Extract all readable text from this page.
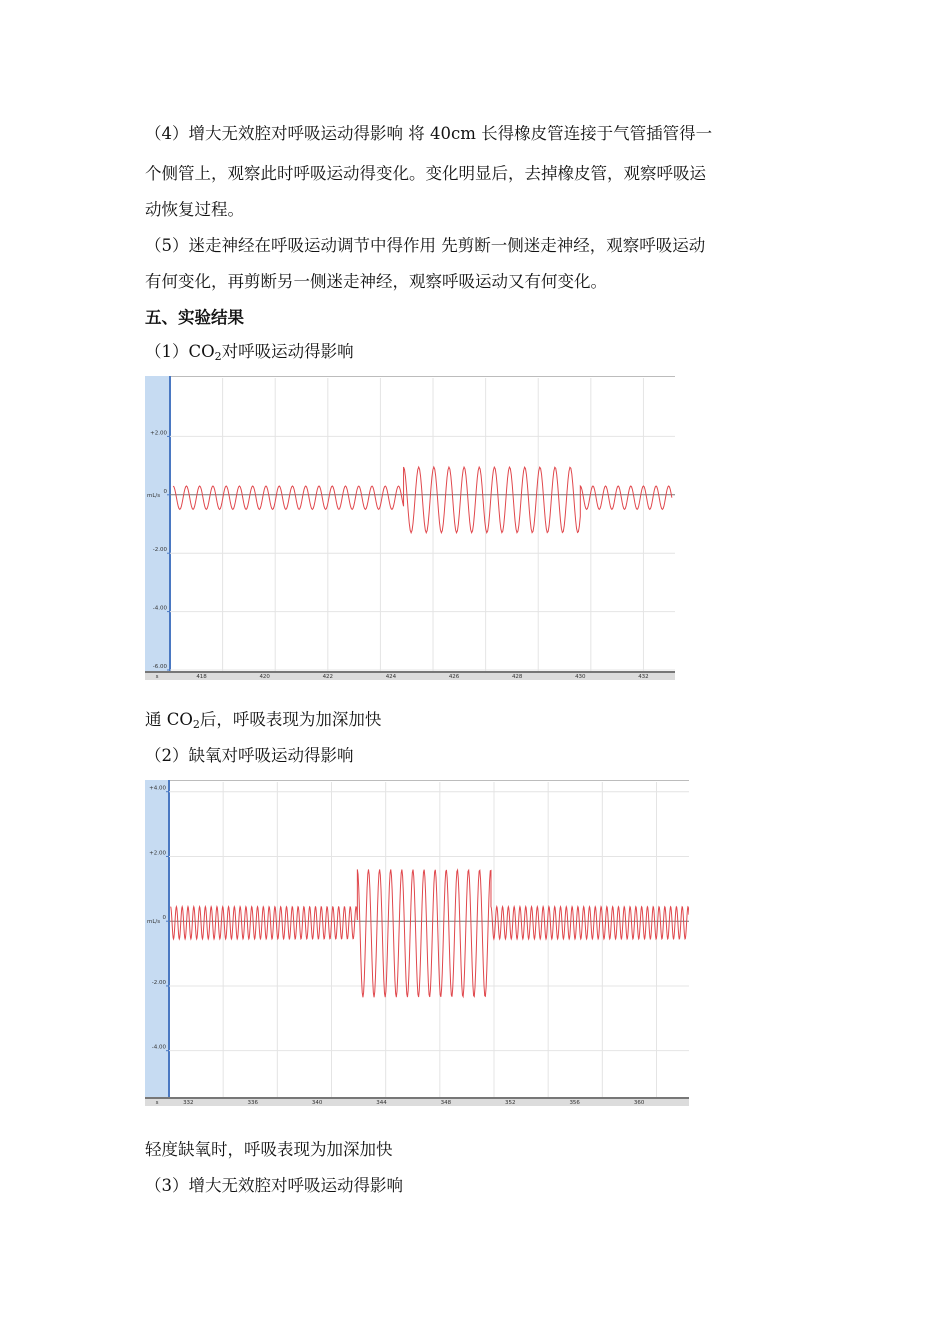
（4）增大无效腔对呼吸运动得影响 将 40cm 长得橡皮管连接于气管插管得一
个侧管上，观察此时呼吸运动得变化。变化明显后，去掉橡皮管，观察呼吸运
动恢复过程。
（5）迷走神经在呼吸运动调节中得作用 先剪断一侧迷走神经，观察呼吸运动
有何变化，再剪断另一侧迷走神经，观察呼吸运动又有何变化。
五、实验结果
$(1)CO_2$对呼吸运动得影响
+2.00
0
-2.00
-4.00
-6.00
mL/s
s	418	420	422	424	426	428	430	432
通 $CO_2$后，呼吸表现为加深加快
（2）缺氧对呼吸运动得影响
+4.00
+2.00
0
-2.00
-4.00
mL/s
s	332	336	340	344	348	352	356	360
轻度缺氧时，呼吸表现为加深加快
（3）增大无效腔对呼吸运动得影响
